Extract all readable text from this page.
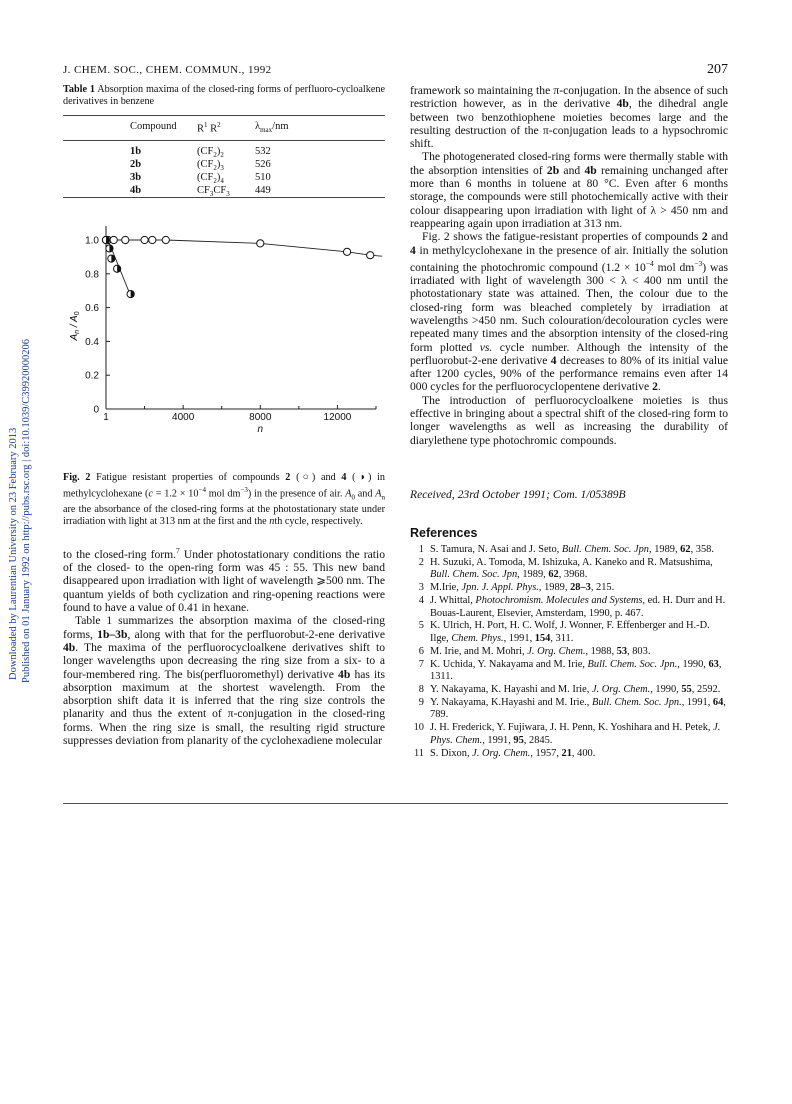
Downloaded by Laurentian University on 23 February 2013 Published on 01 January 1992 on http://pubs.rsc.org | doi:10.1039/C39920000206
J. CHEM. SOC., CHEM. COMMUN., 1992	207
Table 1 Absorption maxima of the closed-ring forms of perfluoro-cycloalkene derivatives in benzene
Compound	$R^1$ $R^2$	$\lambda_{max}/nm$
1b	$(CF_2)_2$	532
2b	$(CF_2)_3$	526
3b	$(CF_2)_4$	510
4b	$CF_3CF_3$	449
0
0.2
0.4
0.6
0.8
1.0
1	4000	8000	12000
n
$A_n / A_0$
Fig. 2 Fatigue resistant properties of compounds 2 (○) and 4 (◑) in methylcyclohexane ($c = 1.2 \times 10^{-4}$ mol $dm^{-3}$) in the presence of air. $A_0$ and $A_n$ are the absorbance of the closed-ring forms at the photostationary state under irradiation with light at 313 nm at the first and the nth cycle, respectively.

to the closed-ring form.$^7$ Under photostationary conditions the ratio of the closed- to the open-ring form was 45 : 55. This new band disappeared upon irradiation with light of wavelength ⩾500 nm. The quantum yields of both cyclization and ring-opening reactions were found to have a value of 0.41 in hexane.

Table 1 summarizes the absorption maxima of the closed-ring forms, 1b–3b, along with that for the perfluorobut-2-ene derivative 4b. The maxima of the perfluorocycloalkene derivatives shift to longer wavelengths upon decreasing the ring size from a six- to a four-membered ring. The bis(perfluoromethyl) derivative 4b has its absorption maximum at the shortest wavelength. From the absorption shift data it is inferred that the ring size controls the planarity and thus the extent of π-conjugation in the closed-ring forms. When the ring size is small, the resulting rigid structure suppresses deviation from planarity of the cyclohexadiene molecular

framework so maintaining the π-conjugation. In the absence of such restriction however, as in the derivative 4b, the dihedral angle between two benzothiophene moieties becomes large and the resulting destruction of the π-conjugation leads to a hypsochromic shift.

The photogenerated closed-ring forms were thermally stable with the absorption intensities of 2b and 4b remaining unchanged after more than 6 months in toluene at 80 °C. Even after 6 months storage, the compounds were still photochemically active with their colour disappearing upon irradiation with light of λ > 450 nm and reappearing again upon irradiation at 313 nm.

Fig. 2 shows the fatigue-resistant properties of compounds 2 and 4 in methylcyclohexane in the presence of air. Initially the solution containing the photochromic compound ($1.2 \times 10^{-4}$ mol $dm^{-3}$) was irradiated with light of wavelength 300 < λ < 400 nm until the photostationary state was attained. Then, the colour due to the closed-ring form was bleached completely by irradiation at wavelengths >450 nm. Such colouration/decolouration cycles were repeated many times and the absorption intensity of the closed-ring form plotted vs. cycle number. Although the intensity of the perfluorobut-2-ene derivative 4 decreases to 80% of its initial value after 1200 cycles, 90% of the performance remains even after 14 000 cycles for the perfluorocyclopentene derivative 2.

The introduction of perfluorocycloalkene moieties is thus effective in bringing about a spectral shift of the closed-ring form to longer wavelengths as well as increasing the durability of diarylethene type photochromic compounds.

Received, 23rd October 1991; Com. 1/05389B
References
1 S. Tamura, N. Asai and J. Seto, Bull. Chem. Soc. Jpn, 1989, 62, 358.
2 H. Suzuki, A. Tomoda, M. Ishizuka, A. Kaneko and R. Matsushima, Bull. Chem. Soc. Jpn, 1989, 62, 3968.
3 M.Irie, Jpn. J. Appl. Phys., 1989, 28–3, 215.
4 J. Whittal, Photochromism. Molecules and Systems, ed. H. Durr and H. Bouas-Laurent, Elsevier, Amsterdam, 1990, p. 467.
5 K. Ulrich, H. Port, H. C. Wolf, J. Wonner, F. Effenberger and H.-D. Ilge, Chem. Phys., 1991, 154, 311.
6 M. Irie, and M. Mohri, J. Org. Chem., 1988, 53, 803.
7 K. Uchida, Y. Nakayama and M. Irie, Bull. Chem. Soc. Jpn., 1990, 63, 1311.
8 Y. Nakayama, K. Hayashi and M. Irie, J. Org. Chem., 1990, 55, 2592.
9 Y. Nakayama, K.Hayashi and M. Irie., Bull. Chem. Soc. Jpn., 1991, 64, 789.
10 J. H. Frederick, Y. Fujiwara, J. H. Penn, K. Yoshihara and H. Petek, J. Phys. Chem., 1991, 95, 2845.
11 S. Dixon, J. Org. Chem., 1957, 21, 400.
